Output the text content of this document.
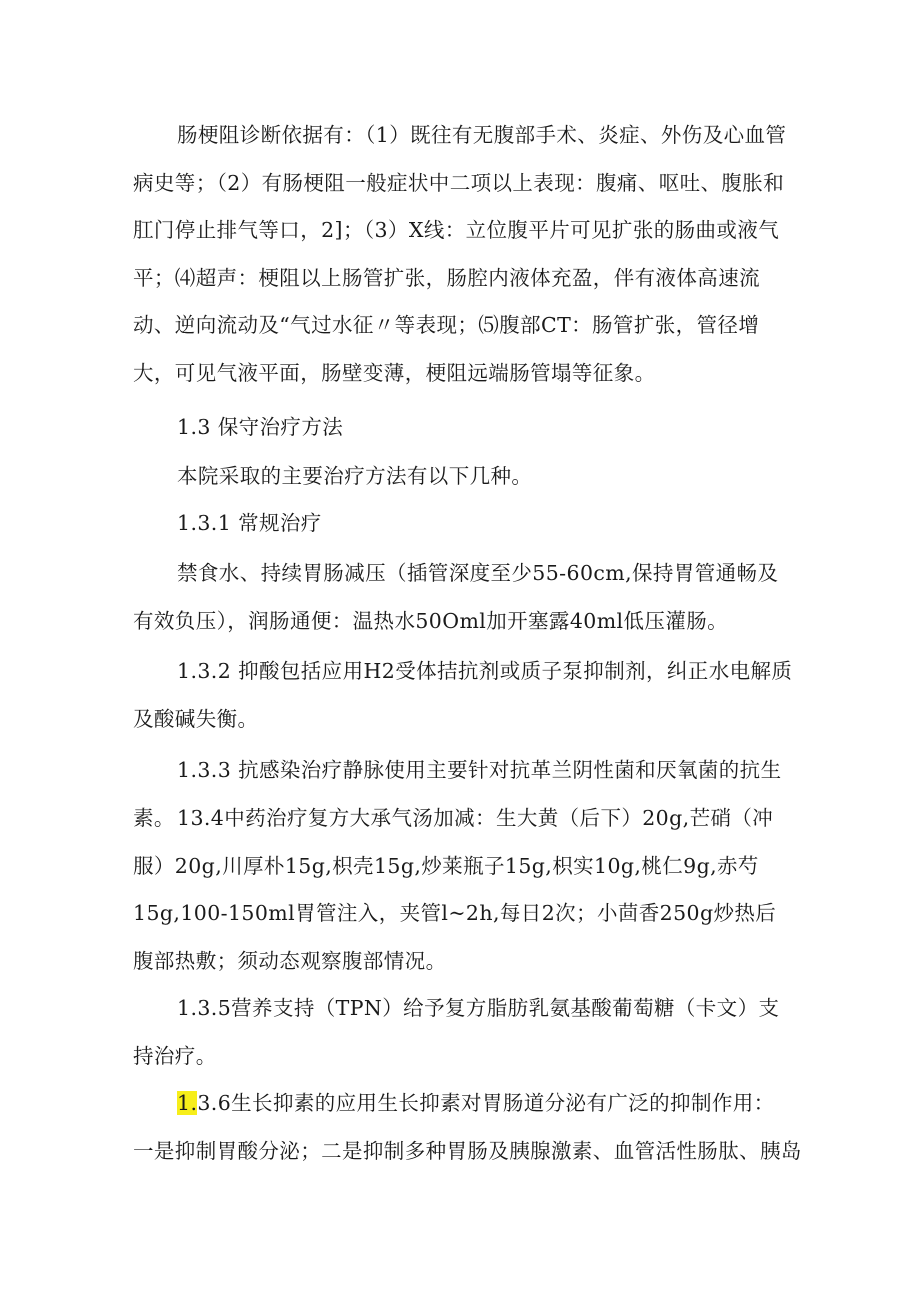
肠梗阻诊断依据有：（1）既往有无腹部手术、炎症、外伤及心血管病史等；（2）有肠梗阻一般症状中二项以上表现：腹痛、呕吐、腹胀和肛门停止排气等口，2]；（3）X线：立位腹平片可见扩张的肠曲或液气平；⑷超声：梗阻以上肠管扩张，肠腔内液体充盈，伴有液体高速流动、逆向流动及“气过水征〃等表现；⑸腹部CT：肠管扩张，管径增大，可见气液平面，肠壁变薄，梗阻远端肠管塌等征象。

1.3 保守治疗方法

本院采取的主要治疗方法有以下几种。

1.3.1 常规治疗

禁食水、持续胃肠减压（插管深度至少55-60cm,保持胃管通畅及有效负压），润肠通便：温热水50Oml加开塞露40ml低压灌肠。

1.3.2 抑酸包括应用H2受体拮抗剂或质子泵抑制剂，纠正水电解质及酸碱失衡。

1.3.3 抗感染治疗静脉使用主要针对抗革兰阴性菌和厌氧菌的抗生素。 13.4中药治疗复方大承气汤加减：生大黄（后下）20g,芒硝（冲服）20g,川厚朴15g,枳壳15g,炒莱瓶子15g,枳实10g,桃仁9g,赤芍15g,100-150ml胃管注入，夹管l~2h,每日2次；小茴香250g炒热后腹部热敷；须动态观察腹部情况。

1.3.5营养支持（TPN）给予复方脂肪乳氨基酸葡萄糖（卡文）支持治疗。

1.3.6生长抑素的应用生长抑素对胃肠道分泌有广泛的抑制作用：
一是抑制胃酸分泌；二是抑制多种胃肠及胰腺激素、血管活性肠肽、胰岛
